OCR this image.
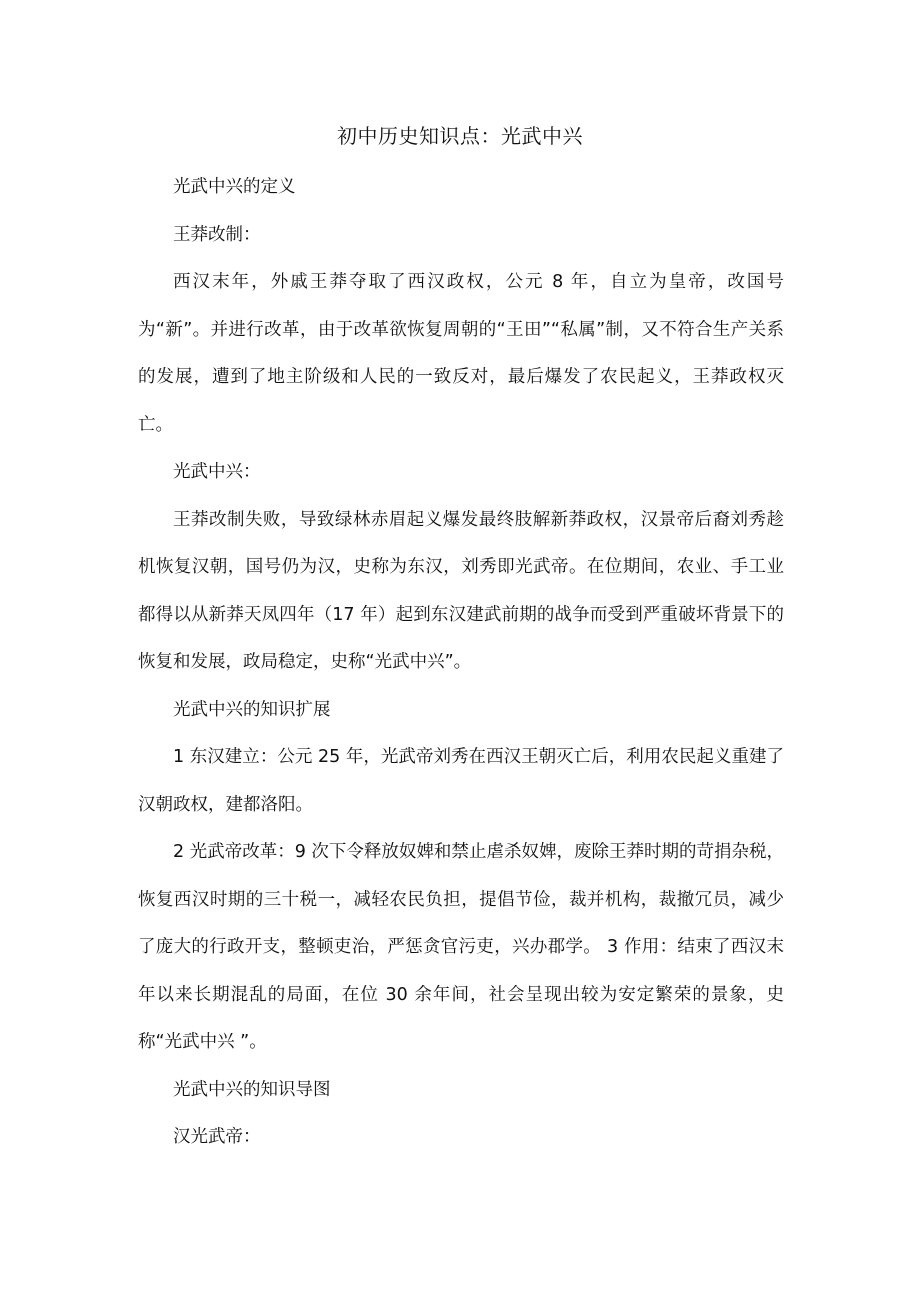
初中历史知识点：光武中兴

光武中兴的定义

王莽改制：

西汉末年，外戚王莽夺取了西汉政权，公元 8 年，自立为皇帝，改国号为“新”。并进行改革，由于改革欲恢复周朝的“王田”“私属”制，又不符合生产关系的发展，遭到了地主阶级和人民的一致反对，最后爆发了农民起义，王莽政权灭亡。

光武中兴：

王莽改制失败，导致绿林赤眉起义爆发最终肢解新莽政权，汉景帝后裔刘秀趁机恢复汉朝，国号仍为汉，史称为东汉，刘秀即光武帝。在位期间，农业、手工业都得以从新莽天凤四年（17 年）起到东汉建武前期的战争而受到严重破坏背景下的恢复和发展，政局稳定，史称“光武中兴”。

光武中兴的知识扩展

1 东汉建立：公元 25 年，光武帝刘秀在西汉王朝灭亡后，利用农民起义重建了汉朝政权，建都洛阳。

2 光武帝改革：9 次下令释放奴婢和禁止虐杀奴婢，废除王莽时期的苛捐杂税，恢复西汉时期的三十税一，减轻农民负担，提倡节俭，裁并机构，裁撤冗员，减少了庞大的行政开支，整顿吏治，严惩贪官污吏，兴办郡学。 3 作用：结束了西汉末年以来长期混乱的局面，在位 30 余年间，社会呈现出较为安定繁荣的景象，史称“光武中兴 ”。

光武中兴的知识导图

汉光武帝：
